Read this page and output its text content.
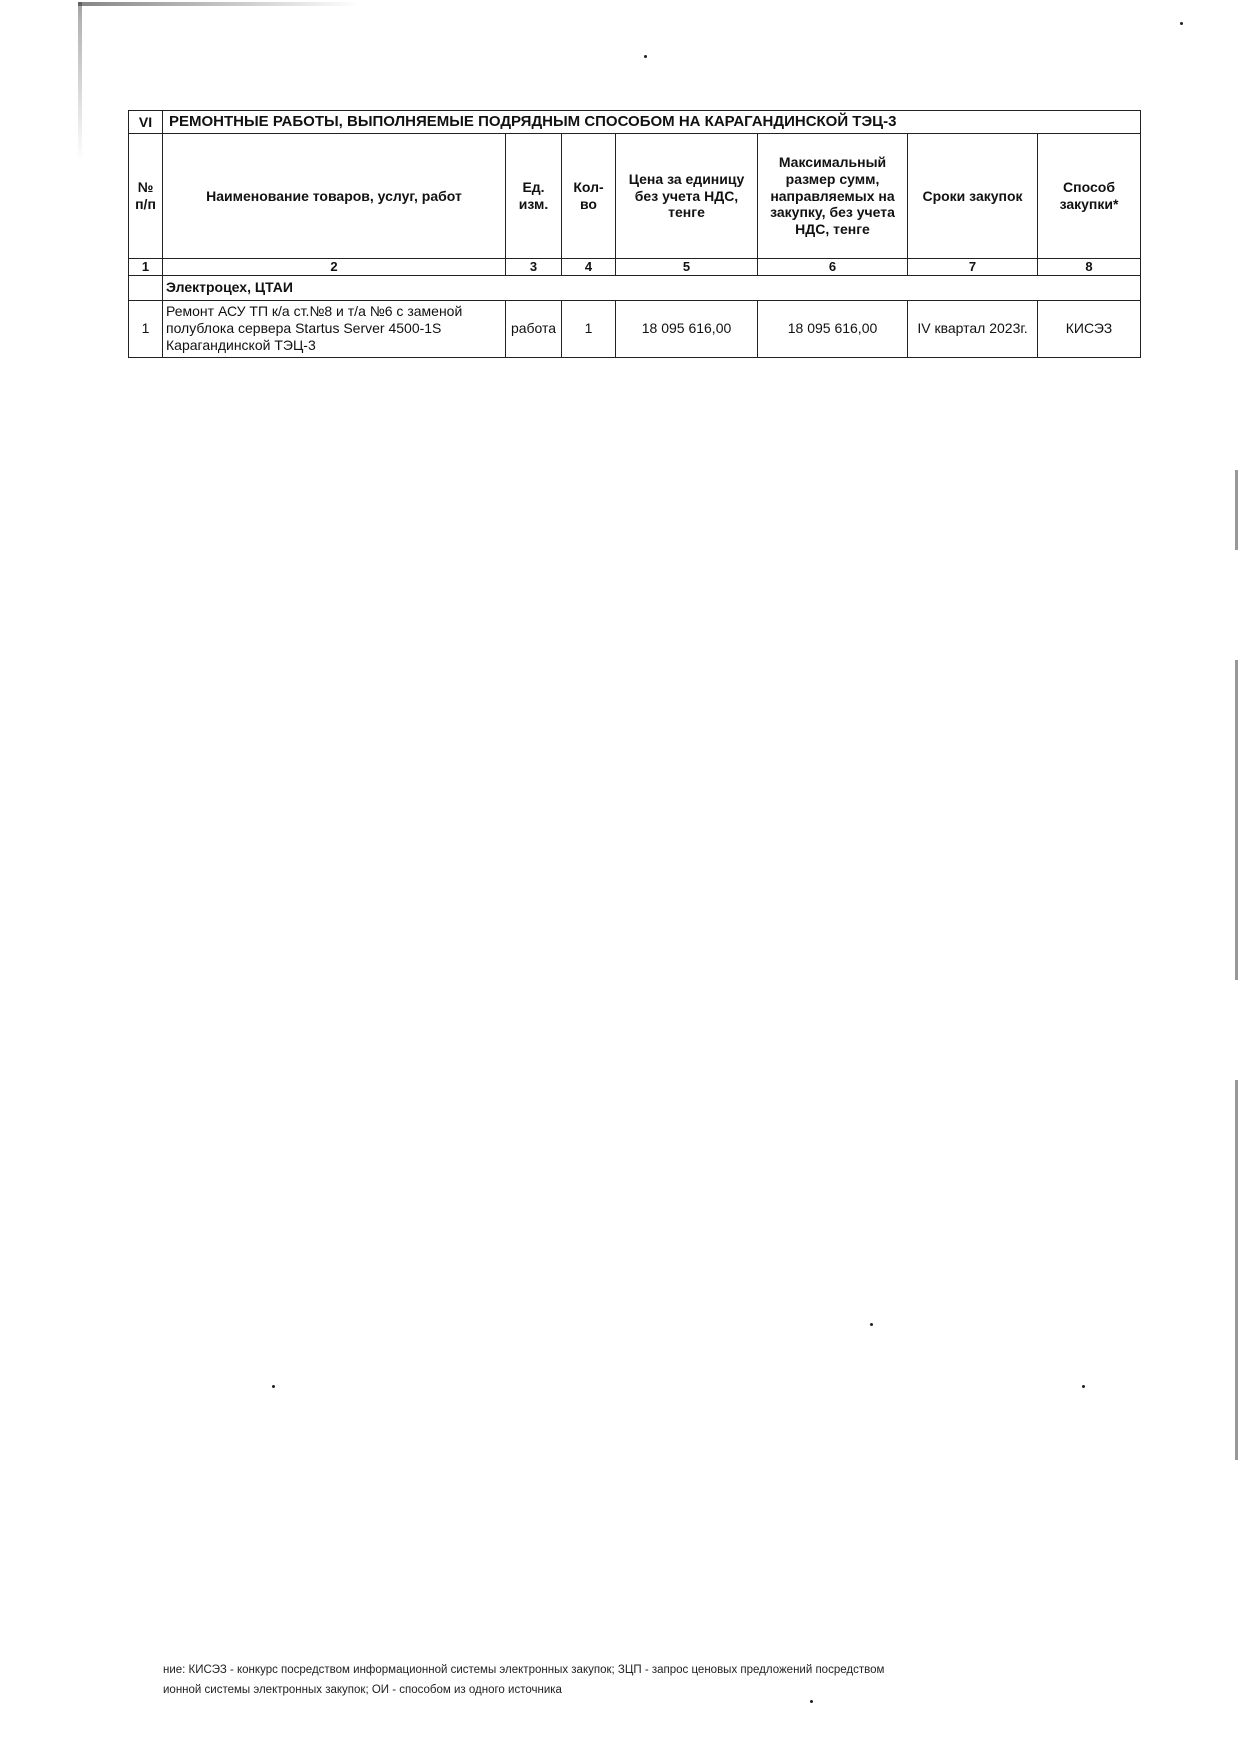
VI	РЕМОНТНЫЕ РАБОТЫ, ВЫПОЛНЯЕМЫЕ ПОДРЯДНЫМ СПОСОБОМ НА КАРАГАНДИНСКОЙ ТЭЦ-3						
№ п/п	Наименование товаров, услуг, работ	Ед. изм.	Кол-во	Цена за единицу без учета НДС, тенге	Максимальный размер сумм, направляемых на закупку, без учета НДС, тенге	Сроки закупок	Способ закупки*
1	2	3	4	5	6	7	8
	Электроцех, ЦТАИ						
1	Ремонт АСУ ТП к/а ст.№8 и т/а №6 с заменой полублока сервера Startus Server 4500-1S Карагандинской ТЭЦ-3	работа	1	18 095 616,00	18 095 616,00	IV квартал 2023г.	КИСЭЗ
ние: КИСЭЗ - конкурс посредством информационной системы электронных закупок; ЗЦП - запрос ценовых предложений посредством
ионной системы электронных закупок; ОИ - способом из одного источника
